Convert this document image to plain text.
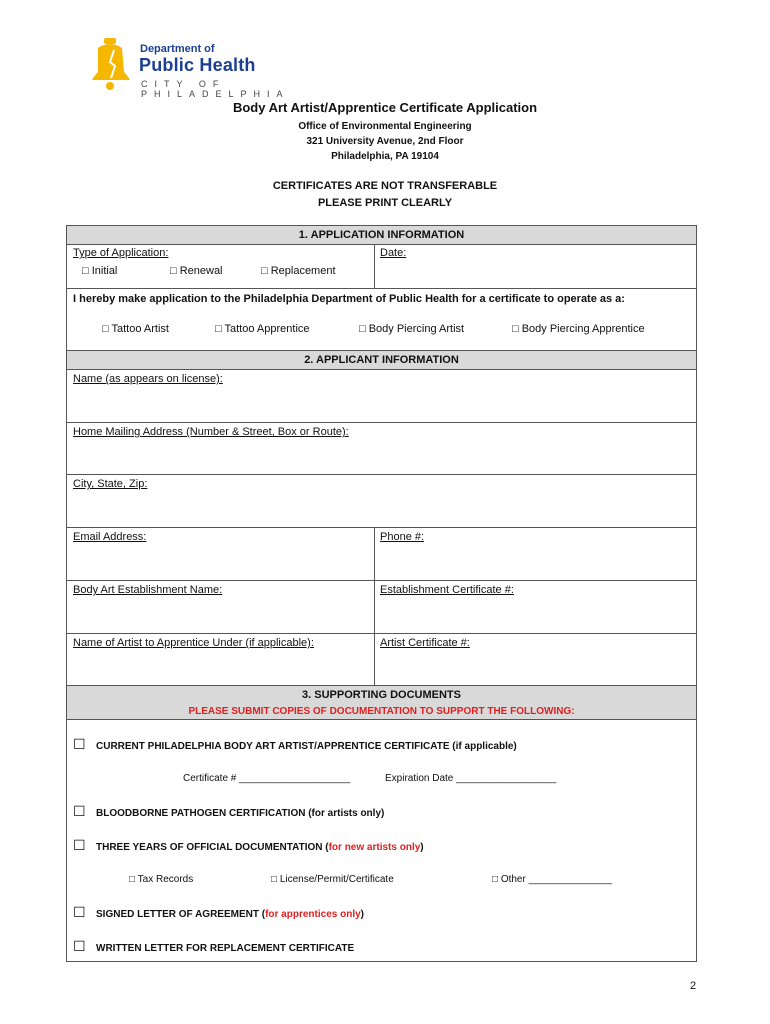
Department of
Public Health
CITY OF PHILADELPHIA
Body Art Artist/Apprentice Certificate Application
Office of Environmental Engineering
321 University Avenue, 2nd Floor
Philadelphia, PA 19104
CERTIFICATES ARE NOT TRANSFERABLE
PLEASE PRINT CLEARLY
1. APPLICATION INFORMATION
Type of Application:
□ Initial	□ Renewal	□ Replacement
Date:
I hereby make application to the Philadelphia Department of Public Health for a certificate to operate as a:
□ Tattoo Artist	□ Tattoo Apprentice	□ Body Piercing Artist	□ Body Piercing Apprentice
2. APPLICANT INFORMATION
Name (as appears on license):
Home Mailing Address (Number & Street, Box or Route):
City, State, Zip:
Email Address:	Phone #:
Body Art Establishment Name:	Establishment Certificate #:
Name of Artist to Apprentice Under (if applicable):	Artist Certificate #:
3. SUPPORTING DOCUMENTS
PLEASE SUBMIT COPIES OF DOCUMENTATION TO SUPPORT THE FOLLOWING:
☐ CURRENT PHILADELPHIA BODY ART ARTIST/APPRENTICE CERTIFICATE (if applicable)
Certificate # ____________________	Expiration Date __________________
☐ BLOODBORNE PATHOGEN CERTIFICATION (for artists only)
☐ THREE YEARS OF OFFICIAL DOCUMENTATION (for new artists only)
□ Tax Records	□ License/Permit/Certificate	□ Other _______________
☐ SIGNED LETTER OF AGREEMENT (for apprentices only)
☐ WRITTEN LETTER FOR REPLACEMENT CERTIFICATE
2
